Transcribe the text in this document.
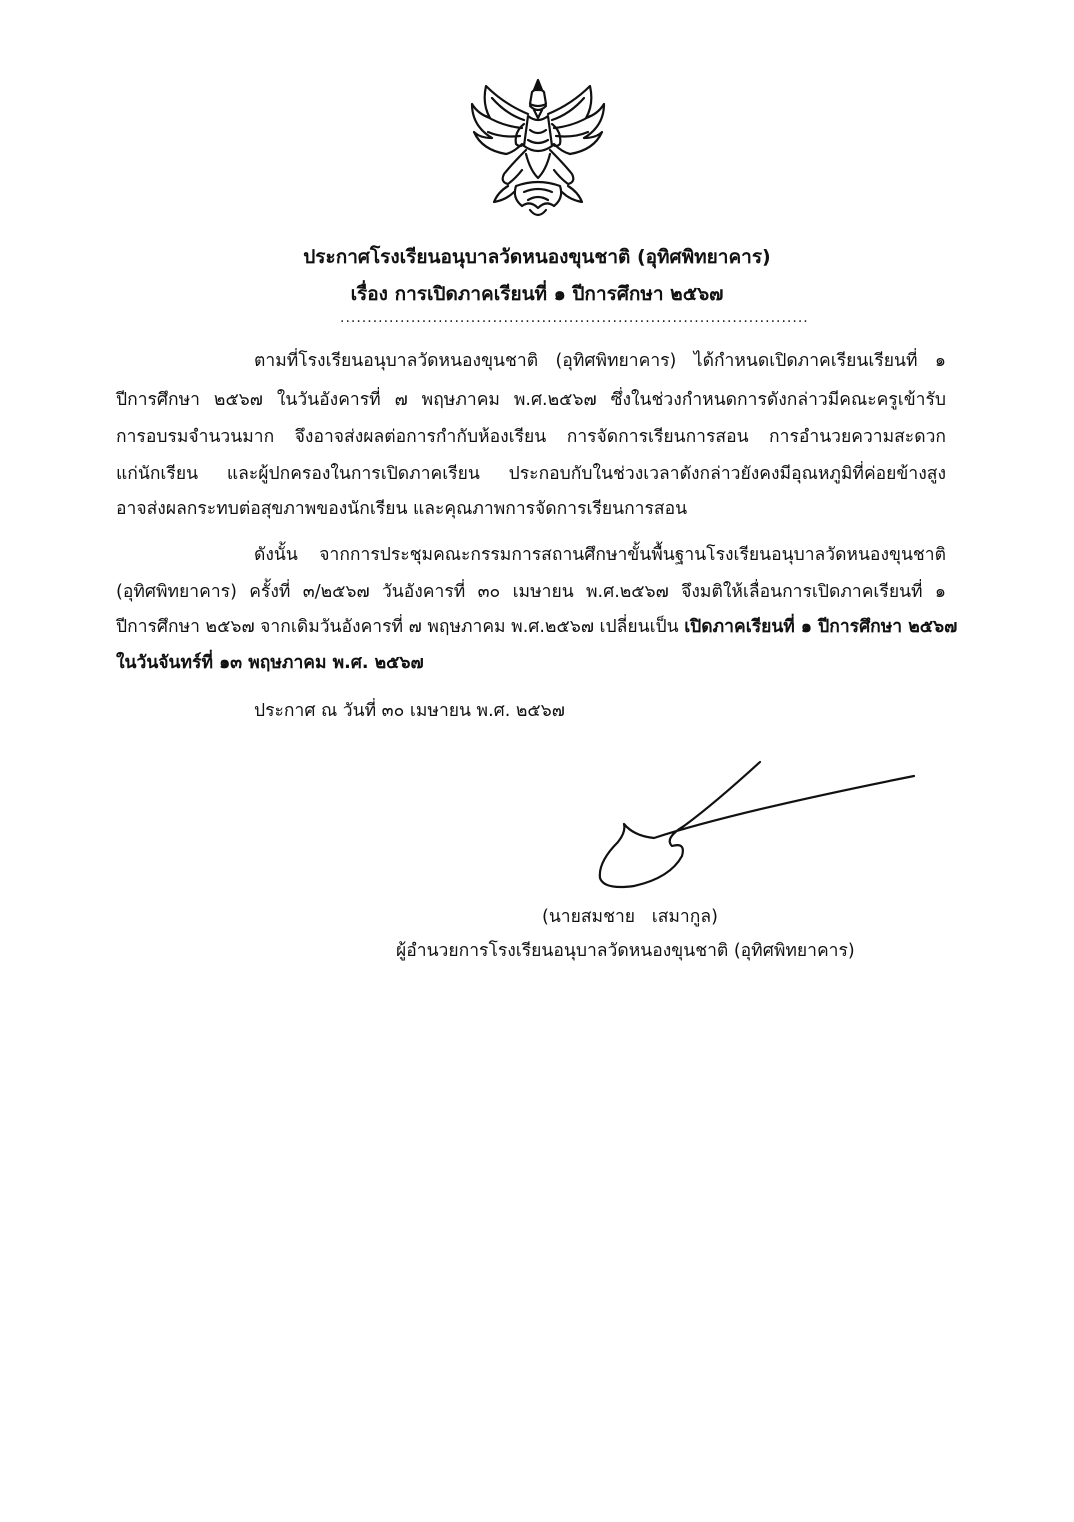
ประกาศโรงเรียนอนุบาลวัดหนองขุนชาติ (อุทิศพิทยาคาร)
เรื่อง การเปิดภาคเรียนที่ ๑ ปีการศึกษา ๒๕๖๗
......................................................................................
ตามที่โรงเรียนอนุบาลวัดหนองขุนชาติ (อุทิศพิทยาคาร) ได้กำหนดเปิดภาคเรียนเรียนที่ ๑
ปีการศึกษา ๒๕๖๗ ในวันอังคารที่ ๗ พฤษภาคม พ.ศ.๒๕๖๗ ซึ่งในช่วงกำหนดการดังกล่าวมีคณะครูเข้ารับ
การอบรมจำนวนมาก จึงอาจส่งผลต่อการกำกับห้องเรียน การจัดการเรียนการสอน การอำนวยความสะดวก
แก่นักเรียน และผู้ปกครองในการเปิดภาคเรียน ประกอบกับในช่วงเวลาดังกล่าวยังคงมีอุณหภูมิที่ค่อยข้างสูง
อาจส่งผลกระทบต่อสุขภาพของนักเรียน และคุณภาพการจัดการเรียนการสอน
ดังนั้น จากการประชุมคณะกรรมการสถานศึกษาขั้นพื้นฐานโรงเรียนอนุบาลวัดหนองขุนชาติ
(อุทิศพิทยาคาร) ครั้งที่ ๓/๒๕๖๗ วันอังคารที่ ๓๐ เมษายน พ.ศ.๒๕๖๗ จึงมติให้เลื่อนการเปิดภาคเรียนที่ ๑
ปีการศึกษา ๒๕๖๗ จากเดิมวันอังคารที่ ๗ พฤษภาคม พ.ศ.๒๕๖๗ เปลี่ยนเป็น เปิดภาคเรียนที่ ๑ ปีการศึกษา ๒๕๖๗
ในวันจันทร์ที่ ๑๓ พฤษภาคม พ.ศ. ๒๕๖๗
ประกาศ ณ วันที่ ๓๐ เมษายน พ.ศ. ๒๕๖๗
(นายสมชาย   เสมากูล)
ผู้อำนวยการโรงเรียนอนุบาลวัดหนองขุนชาติ (อุทิศพิทยาคาร)
